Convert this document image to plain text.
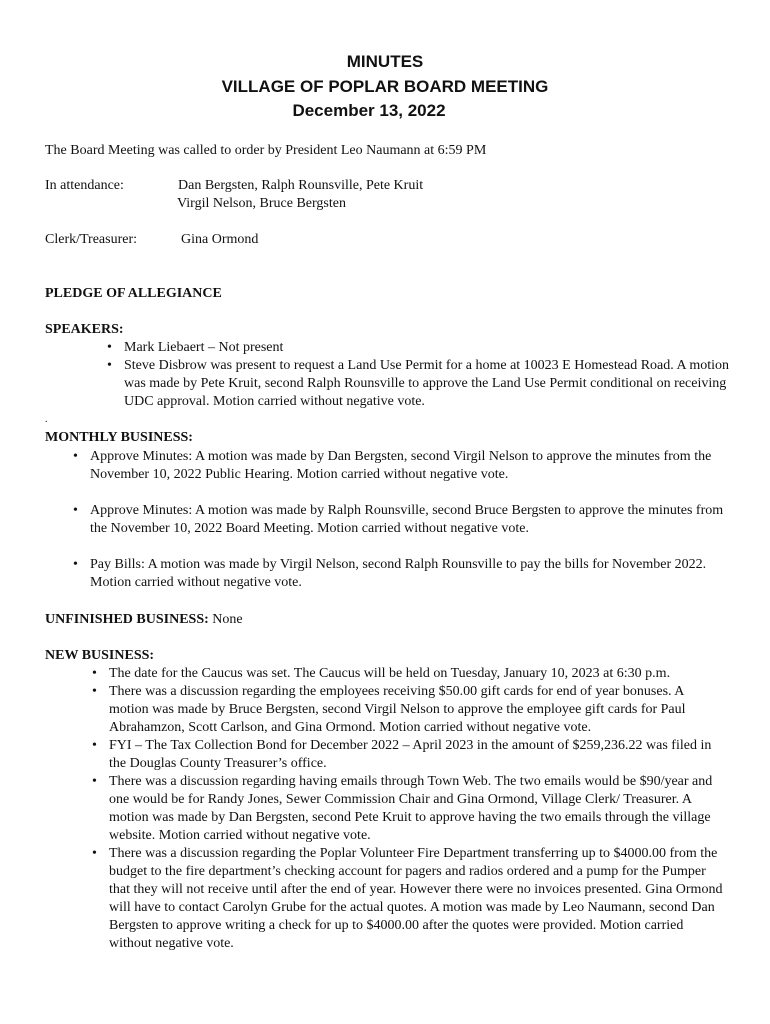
MINUTES
VILLAGE OF POPLAR BOARD MEETING
December 13, 2022
The Board Meeting was called to order by President Leo Naumann at 6:59 PM
In attendance:	Dan Bergsten, Ralph Rounsville, Pete Kruit
Virgil Nelson, Bruce Bergsten
Clerk/Treasurer:	Gina Ormond
PLEDGE OF ALLEGIANCE
SPEAKERS:
• Mark Liebaert – Not present
• Steve Disbrow was present to request a Land Use Permit for a home at 10023 E Homestead Road. A motion was made by Pete Kruit, second Ralph Rounsville to approve the Land Use Permit conditional on receiving UDC approval. Motion carried without negative vote.
.
MONTHLY BUSINESS:
• Approve Minutes: A motion was made by Dan Bergsten, second Virgil Nelson to approve the minutes from the November 10, 2022 Public Hearing. Motion carried without negative vote.
• Approve Minutes: A motion was made by Ralph Rounsville, second Bruce Bergsten to approve the minutes from the November 10, 2022 Board Meeting. Motion carried without negative vote.
• Pay Bills: A motion was made by Virgil Nelson, second Ralph Rounsville to pay the bills for November 2022. Motion carried without negative vote.
UNFINISHED BUSINESS: None
NEW BUSINESS:
• The date for the Caucus was set. The Caucus will be held on Tuesday, January 10, 2023 at 6:30 p.m.
• There was a discussion regarding the employees receiving $50.00 gift cards for end of year bonuses. A motion was made by Bruce Bergsten, second Virgil Nelson to approve the employee gift cards for Paul Abrahamzon, Scott Carlson, and Gina Ormond. Motion carried without negative vote.
• FYI – The Tax Collection Bond for December 2022 – April 2023 in the amount of $259,236.22 was filed in the Douglas County Treasurer’s office.
• There was a discussion regarding having emails through Town Web. The two emails would be $90/year and one would be for Randy Jones, Sewer Commission Chair and Gina Ormond, Village Clerk/ Treasurer. A motion was made by Dan Bergsten, second Pete Kruit to approve having the two emails through the village website. Motion carried without negative vote.
• There was a discussion regarding the Poplar Volunteer Fire Department transferring up to $4000.00 from the budget to the fire department’s checking account for pagers and radios ordered and a pump for the Pumper that they will not receive until after the end of year. However there were no invoices presented. Gina Ormond will have to contact Carolyn Grube for the actual quotes. A motion was made by Leo Naumann, second Dan Bergsten to approve writing a check for up to $4000.00 after the quotes were provided. Motion carried without negative vote.
